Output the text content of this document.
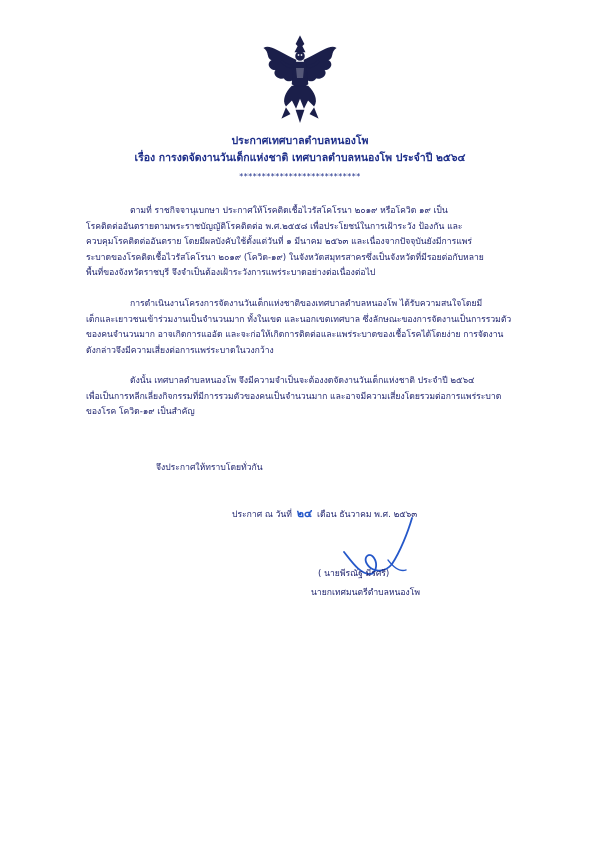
ประกาศเทศบาลตำบลหนองโพ
เรื่อง การงดจัดงานวันเด็กแห่งชาติ เทศบาลตำบลหนองโพ ประจำปี ๒๕๖๔
***************************
ตามที่ ราชกิจจานุเบกษา ประกาศให้โรคติดเชื้อไวรัสโคโรนา ๒๐๑๙ หรือโควิด ๑๙ เป็น
โรคติดต่ออันตรายตามพระราชบัญญัติโรคติดต่อ พ.ศ.๒๕๕๘ เพื่อประโยชน์ในการเฝ้าระวัง ป้องกัน และ
ควบคุมโรคติดต่ออันตราย โดยมีผลบังคับใช้ตั้งแต่วันที่ ๑ มีนาคม ๒๕๖๓ และเนื่องจากปัจจุบันยังมีการแพร่
ระบาดของโรคติดเชื้อไวรัสโคโรนา ๒๐๑๙ (โควิด-๑๙) ในจังหวัดสมุทรสาครซึ่งเป็นจังหวัดที่มีรอยต่อกับหลาย
พื้นที่ของจังหวัดราชบุรี จึงจำเป็นต้องเฝ้าระวังการแพร่ระบาดอย่างต่อเนื่องต่อไป
การดำเนินงานโครงการจัดงานวันเด็กแห่งชาติของเทศบาลตำบลหนองโพ ได้รับความสนใจโดยมี
เด็กและเยาวชนเข้าร่วมงานเป็นจำนวนมาก ทั้งในเขต และนอกเขตเทศบาล ซึ่งลักษณะของการจัดงานเป็นการรวมตัว
ของคนจำนวนมาก อาจเกิดการแออัด และจะก่อให้เกิดการติดต่อและแพร่ระบาดของเชื้อโรคได้โดยง่าย การจัดงาน
ดังกล่าวจึงมีความเสี่ยงต่อการแพร่ระบาดในวงกว้าง
ดังนั้น เทศบาลตำบลหนองโพ จึงมีความจำเป็นจะต้องงดจัดงานวันเด็กแห่งชาติ ประจำปี ๒๕๖๔
เพื่อเป็นการหลีกเลี่ยงกิจกรรมที่มีการรวมตัวของคนเป็นจำนวนมาก และอาจมีความเสี่ยงโดยรวมต่อการแพร่ระบาด
ของโรค โควิด-๑๙ เป็นสำคัญ
จึงประกาศให้ทราบโดยทั่วกัน
ประกาศ ณ วันที่ ๒๔ เดือน ธันวาคม พ.ศ. ๒๕๖๓
( นายพีรณัฐ มีรศรี)
นายกเทศมนตรีตำบลหนองโพ
